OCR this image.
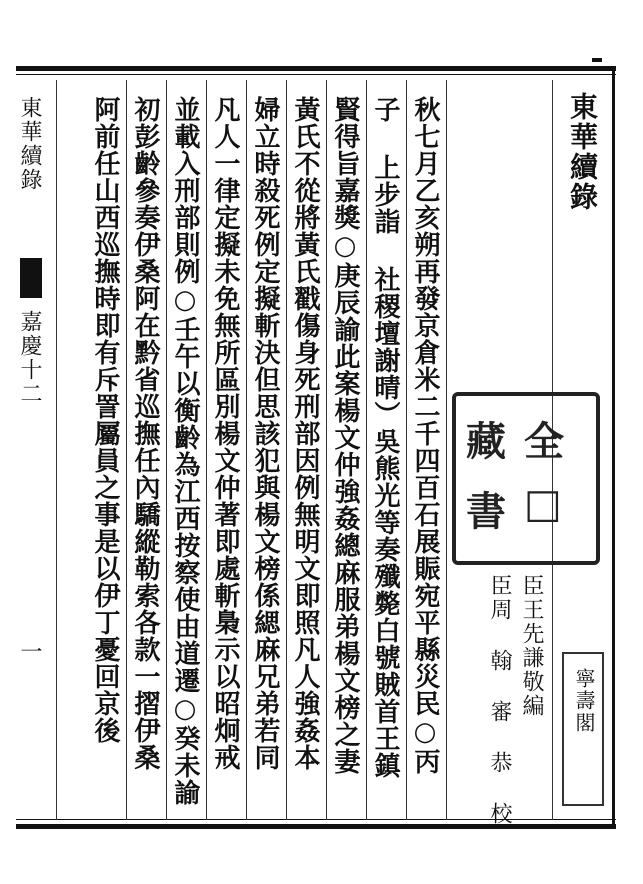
東華續錄
全
□
藏
書
寧壽閣
臣王先謙敬編
臣周 翰 審 恭 校
秋七月乙亥朔再發京倉米二千四百石展賑宛平縣災民○丙
子 上步詣 社稷壇謝晴）吳熊光等奏殲斃白號賊首王鎮
賢得旨嘉獎○庚辰諭此案楊文仲強姦總麻服弟楊文榜之妻
黃氏不從將黃氏戳傷身死刑部因例無明文即照凡人強姦本
婦立時殺死例定擬斬決但思該犯與楊文榜係緦麻兄弟若同
凡人一律定擬未免無所區別楊文仲著即處斬梟示以昭炯戒
並載入刑部則例○壬午以衡齡為江西按察使由道遷○癸未諭
初彭齡參奏伊桑阿在黔省巡撫任內驕縱勒索各款一摺伊桑
阿前任山西巡撫時即有斥詈屬員之事是以伊丁憂回京後
東華續錄
嘉慶十二
一
